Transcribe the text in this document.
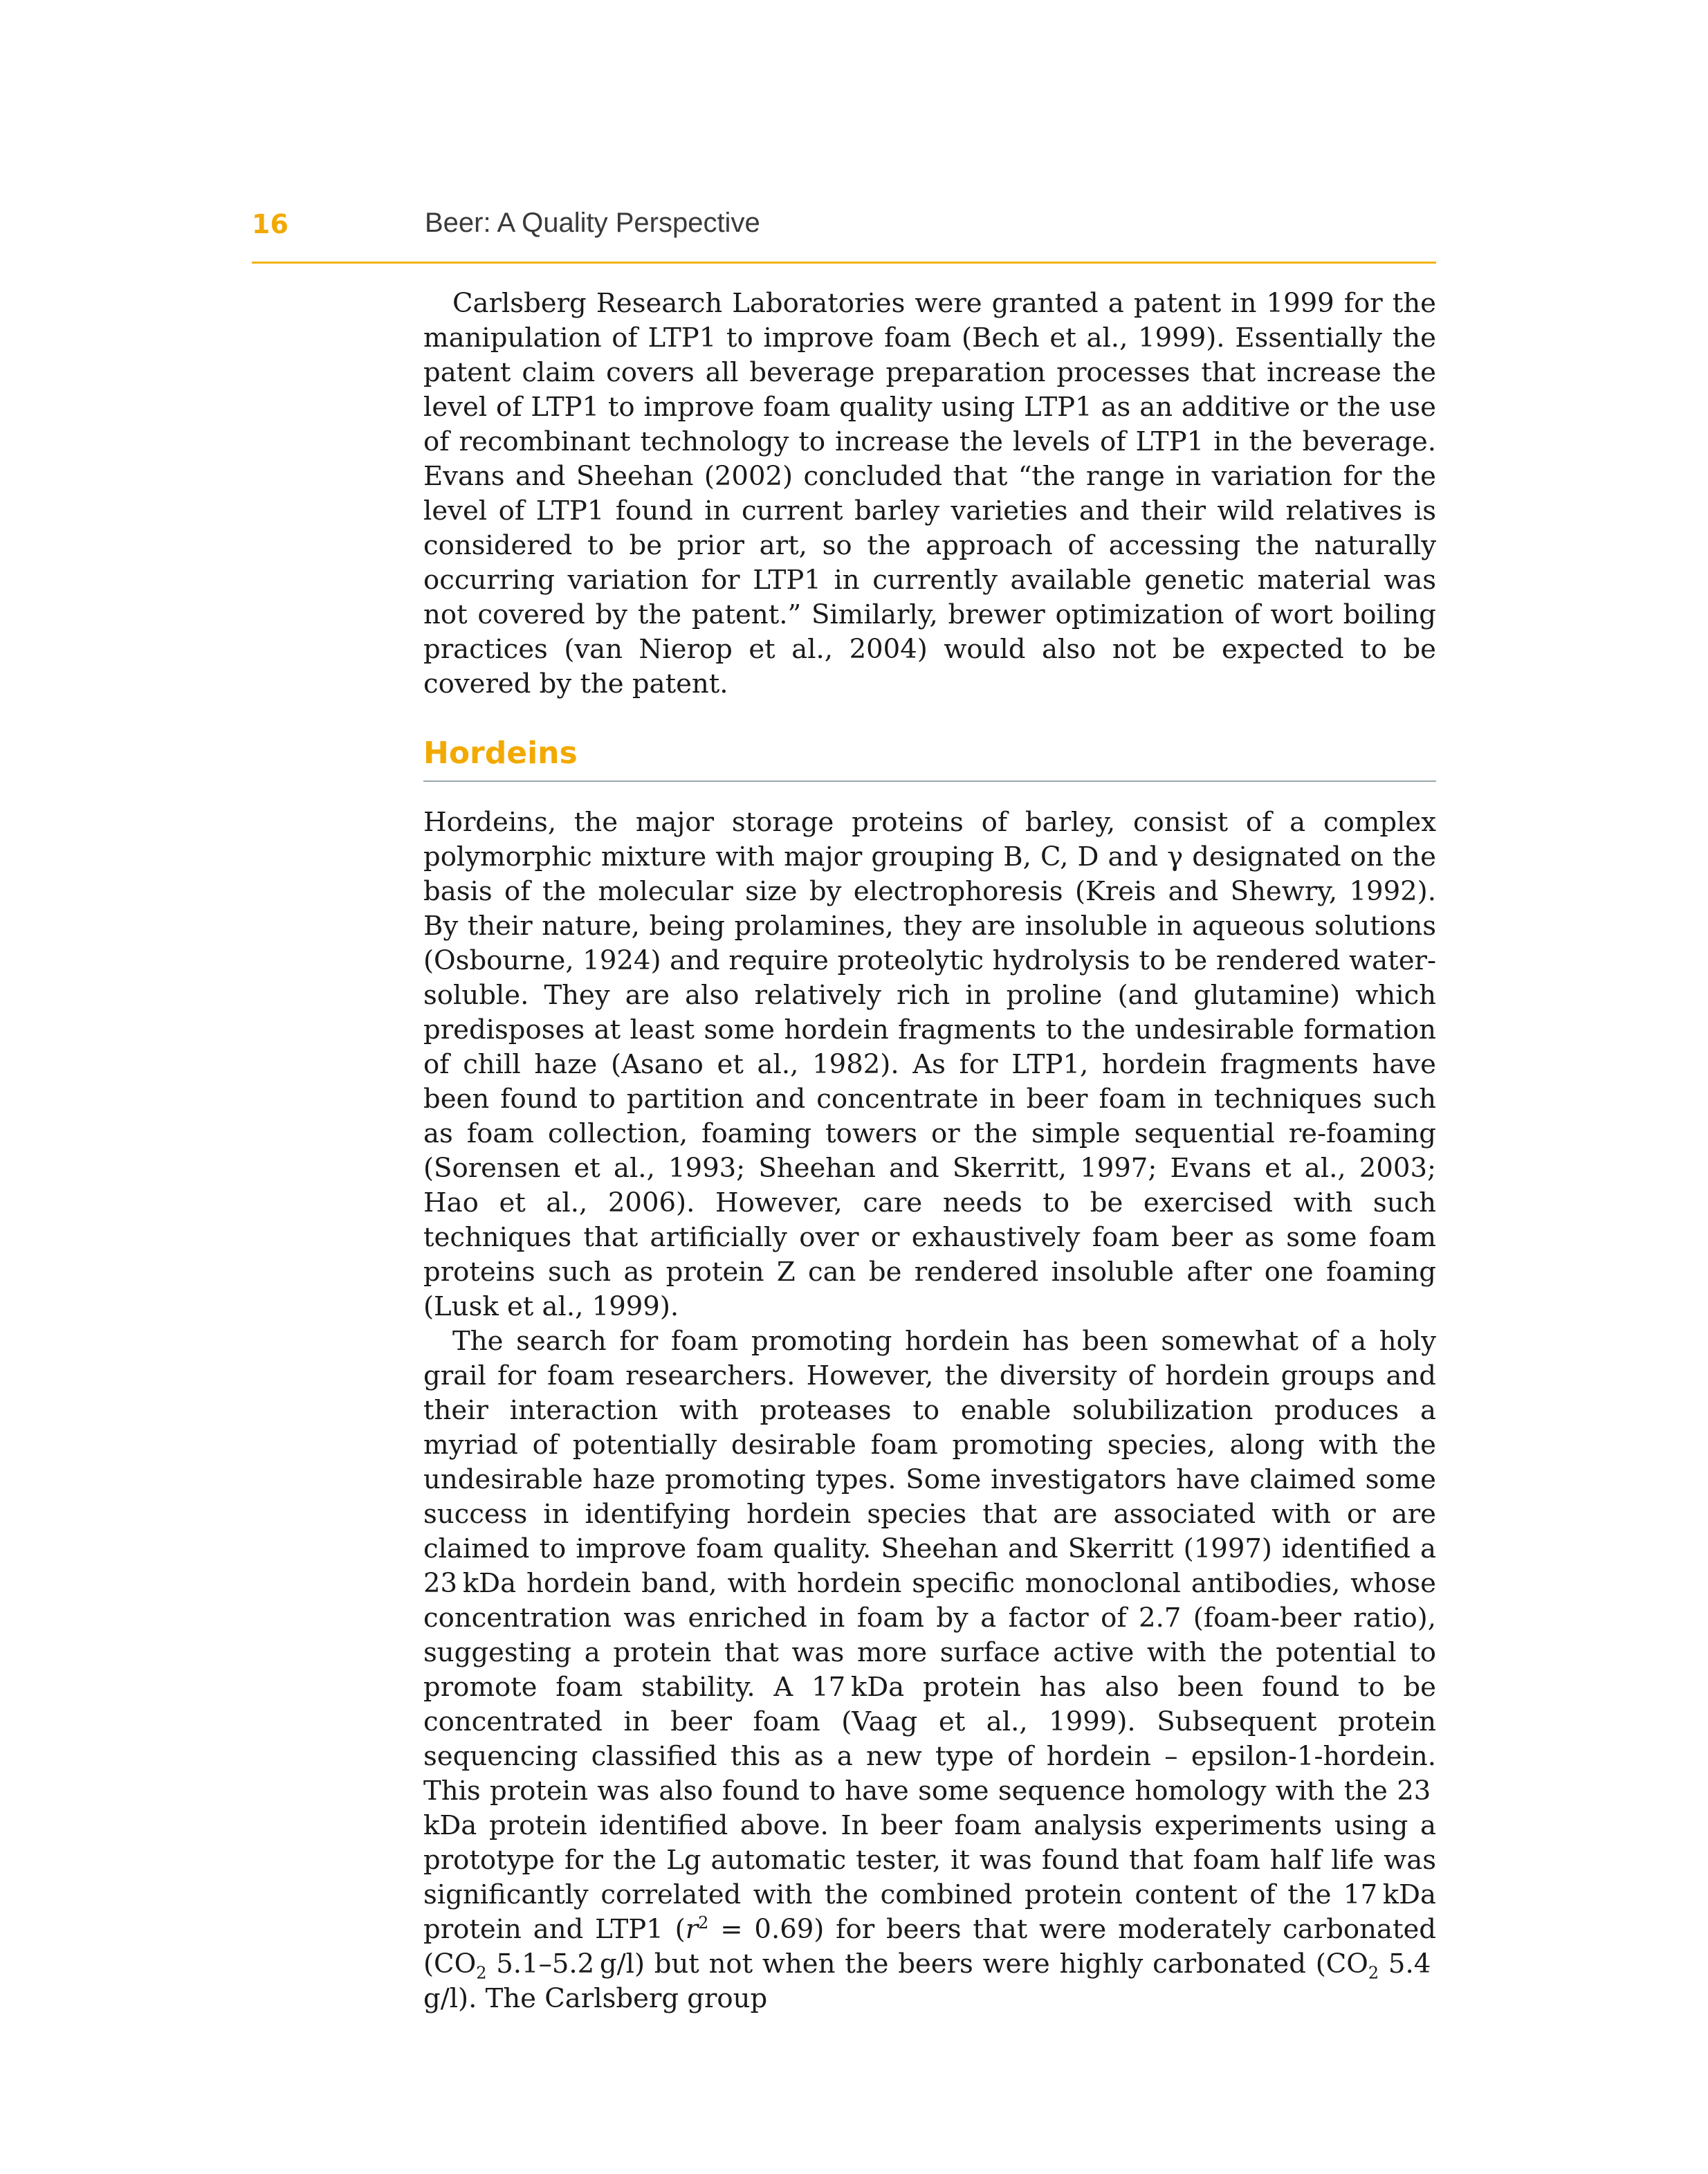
16	Beer: A Quality Perspective

Carlsberg Research Laboratories were granted a patent in 1999 for the manipulation of LTP1 to improve foam (Bech et al., 1999). Essentially the patent claim covers all beverage preparation processes that increase the level of LTP1 to improve foam quality using LTP1 as an additive or the use of recombinant technology to increase the levels of LTP1 in the beverage. Evans and Sheehan (2002) concluded that “the range in variation for the level of LTP1 found in current barley varieties and their wild relatives is considered to be prior art, so the approach of accessing the naturally occurring variation for LTP1 in currently available genetic material was not covered by the patent.” Similarly, brewer optimization of wort boiling practices (van Nierop et al., 2004) would also not be expected to be covered by the patent.

Hordeins

Hordeins, the major storage proteins of barley, consist of a complex polymorphic mixture with major grouping B, C, D and γ designated on the basis of the molecular size by electrophoresis (Kreis and Shewry, 1992). By their nature, being prolamines, they are insoluble in aqueous solutions (Osbourne, 1924) and require proteolytic hydrolysis to be rendered water-soluble. They are also relatively rich in proline (and glutamine) which predisposes at least some hordein fragments to the undesirable formation of chill haze (Asano et al., 1982). As for LTP1, hordein fragments have been found to partition and concentrate in beer foam in techniques such as foam collection, foaming towers or the simple sequential re-foaming (Sorensen et al., 1993; Sheehan and Skerritt, 1997; Evans et al., 2003; Hao et al., 2006). However, care needs to be exercised with such techniques that artificially over or exhaustively foam beer as some foam proteins such as protein Z can be rendered insoluble after one foaming (Lusk et al., 1999).

The search for foam promoting hordein has been somewhat of a holy grail for foam researchers. However, the diversity of hordein groups and their interaction with proteases to enable solubilization produces a myriad of potentially desirable foam promoting species, along with the undesirable haze promoting types. Some investigators have claimed some success in identifying hordein species that are associated with or are claimed to improve foam quality. Sheehan and Skerritt (1997) identified a 23 kDa hordein band, with hordein specific monoclonal antibodies, whose concentration was enriched in foam by a factor of 2.7 (foam-beer ratio), suggesting a protein that was more surface active with the potential to promote foam stability. A 17 kDa protein has also been found to be concentrated in beer foam (Vaag et al., 1999). Subsequent protein sequencing classified this as a new type of hordein – epsilon-1-hordein. This protein was also found to have some sequence homology with the 23 kDa protein identified above. In beer foam analysis experiments using a prototype for the Lg automatic tester, it was found that foam half life was significantly correlated with the combined protein content of the 17 kDa protein and LTP1 $(r^2 = 0.69)$ for beers that were moderately carbonated ($CO_2$ 5.1–5.2 g/l) but not when the beers were highly carbonated ($CO_2$ 5.4 g/l). The Carlsberg group
